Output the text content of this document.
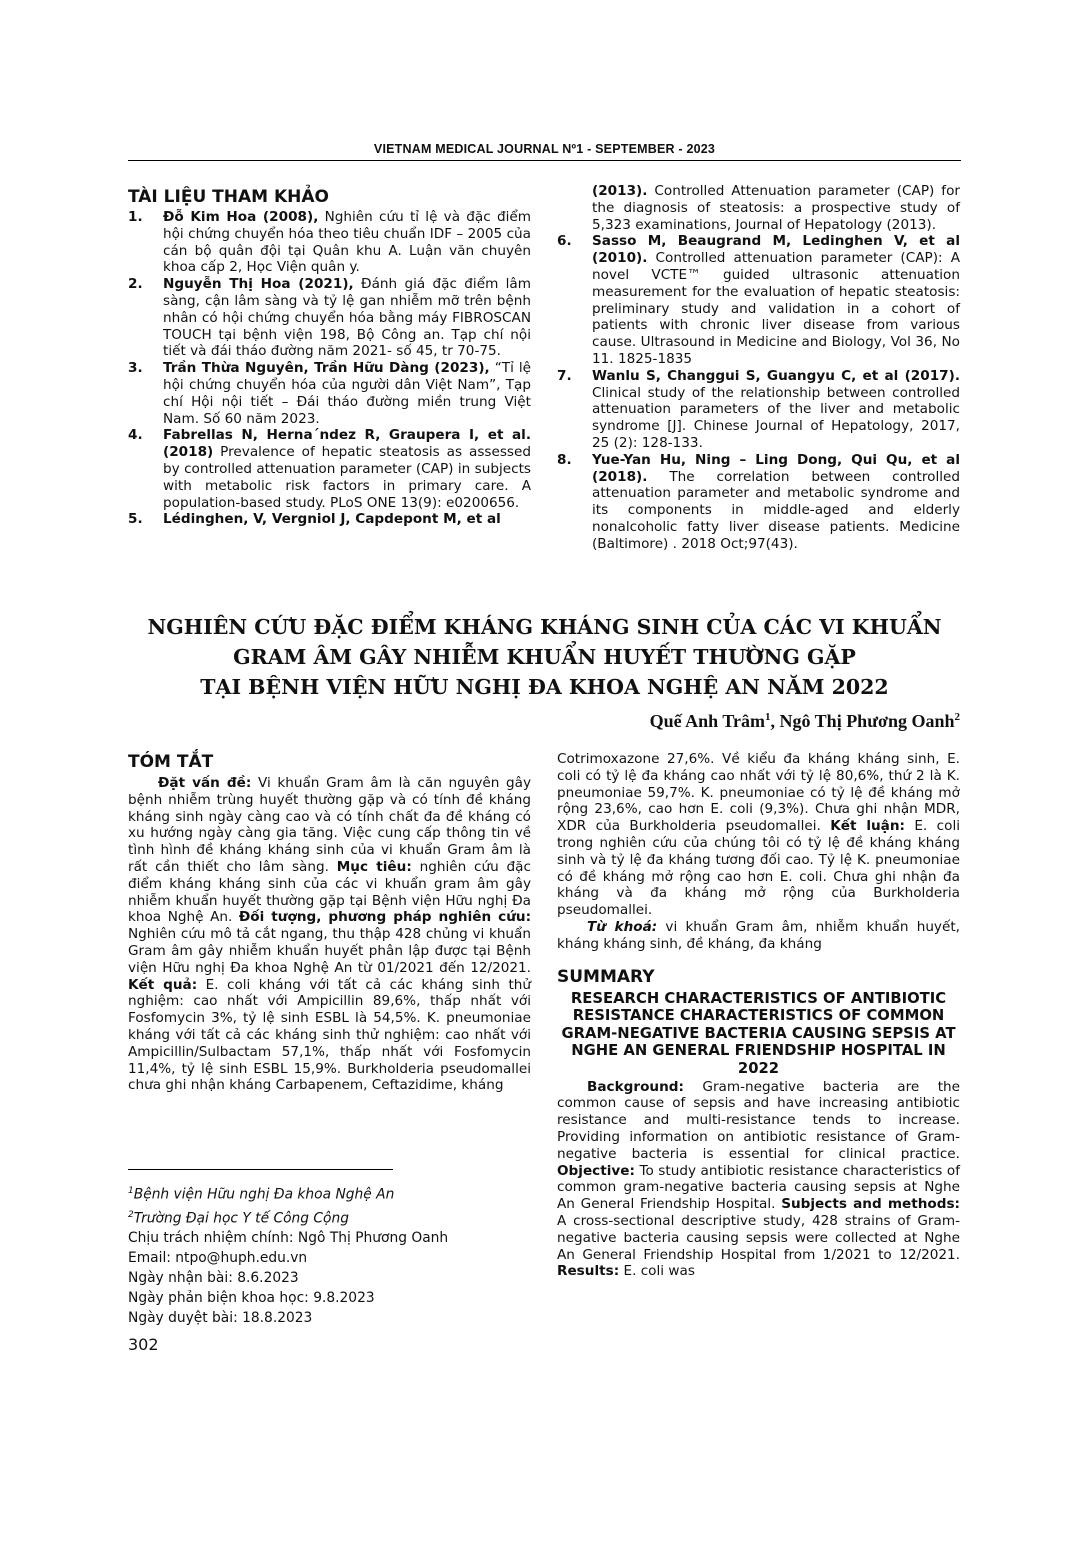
VIETNAM MEDICAL JOURNAL Nº1 - SEPTEMBER - 2023
TÀI LIỆU THAM KHẢO
1. Đỗ Kim Hoa (2008), Nghiên cứu tỉ lệ và đặc điểm hội chứng chuyển hóa theo tiêu chuẩn IDF – 2005 của cán bộ quân đội tại Quân khu A. Luận văn chuyên khoa cấp 2, Học Viện quân y.
2. Nguyễn Thị Hoa (2021), Đánh giá đặc điểm lâm sàng, cận lâm sàng và tỷ lệ gan nhiễm mỡ trên bệnh nhân có hội chứng chuyển hóa bằng máy FIBROSCAN TOUCH tại bệnh viện 198, Bộ Công an. Tạp chí nội tiết và đái tháo đường năm 2021- số 45, tr 70-75.
3. Trần Thừa Nguyên, Trần Hữu Dàng (2023), “Tỉ lệ hội chứng chuyển hóa của người dân Việt Nam”, Tạp chí Hội nội tiết – Đái tháo đường miền trung Việt Nam. Số 60 năm 2023.
4. Fabrellas N, Herna´ndez R, Graupera I, et al. (2018) Prevalence of hepatic steatosis as assessed by controlled attenuation parameter (CAP) in subjects with metabolic risk factors in primary care. A population-based study. PLoS ONE 13(9): e0200656.
5. Lédinghen, V, Vergniol J, Capdepont M, et al
(2013). Controlled Attenuation parameter (CAP) for the diagnosis of steatosis: a prospective study of 5,323 examinations, Journal of Hepatology (2013).
6. Sasso M, Beaugrand M, Ledinghen V, et al (2010). Controlled attenuation parameter (CAP): A novel VCTE™ guided ultrasonic attenuation measurement for the evaluation of hepatic steatosis: preliminary study and validation in a cohort of patients with chronic liver disease from various cause. Ultrasound in Medicine and Biology, Vol 36, No 11. 1825-1835
7. Wanlu S, Changgui S, Guangyu C, et al (2017). Clinical study of the relationship between controlled attenuation parameters of the liver and metabolic syndrome [J]. Chinese Journal of Hepatology, 2017, 25 (2): 128-133.
8. Yue-Yan Hu, Ning – Ling Dong, Qui Qu, et al (2018). The correlation between controlled attenuation parameter and metabolic syndrome and its components in middle-aged and elderly nonalcoholic fatty liver disease patients. Medicine (Baltimore) . 2018 Oct;97(43).
NGHIÊN CỨU ĐẶC ĐIỂM KHÁNG KHÁNG SINH CỦA CÁC VI KHUẨN
GRAM ÂM GÂY NHIỄM KHUẨN HUYẾT THƯỜNG GẶP
TẠI BỆNH VIỆN HỮU NGHỊ ĐA KHOA NGHỆ AN NĂM 2022
Quế Anh Trâm$^1$, Ngô Thị Phương Oanh$^2$
TÓM TẮT
Đặt vấn đề: Vi khuẩn Gram âm là căn nguyên gây bệnh nhiễm trùng huyết thường gặp và có tính đề kháng kháng sinh ngày càng cao và có tính chất đa đề kháng có xu hướng ngày càng gia tăng. Việc cung cấp thông tin về tình hình đề kháng kháng sinh của vi khuẩn Gram âm là rất cần thiết cho lâm sàng. Mục tiêu: nghiên cứu đặc điểm kháng kháng sinh của các vi khuẩn gram âm gây nhiễm khuẩn huyết thường gặp tại Bệnh viện Hữu nghị Đa khoa Nghệ An. Đối tượng, phương pháp nghiên cứu: Nghiên cứu mô tả cắt ngang, thu thập 428 chủng vi khuẩn Gram âm gây nhiễm khuẩn huyết phân lập được tại Bệnh viện Hữu nghị Đa khoa Nghệ An từ 01/2021 đến 12/2021. Kết quả: E. coli kháng với tất cả các kháng sinh thử nghiệm: cao nhất với Ampicillin 89,6%, thấp nhất với Fosfomycin 3%, tỷ lệ sinh ESBL là 54,5%. K. pneumoniae kháng với tất cả các kháng sinh thử nghiệm: cao nhất với Ampicillin/Sulbactam 57,1%, thấp nhất với Fosfomycin 11,4%, tỷ lệ sinh ESBL 15,9%. Burkholderia pseudomallei chưa ghi nhận kháng Carbapenem, Ceftazidime, kháng
Cotrimoxazone 27,6%. Về kiểu đa kháng kháng sinh, E. coli có tỷ lệ đa kháng cao nhất với tỷ lệ 80,6%, thứ 2 là K. pneumoniae 59,7%. K. pneumoniae có tỷ lệ đề kháng mở rộng 23,6%, cao hơn E. coli (9,3%). Chưa ghi nhận MDR, XDR của Burkholderia pseudomallei. Kết luận: E. coli trong nghiên cứu của chúng tôi có tỷ lệ đề kháng kháng sinh và tỷ lệ đa kháng tương đối cao. Tỷ lệ K. pneumoniae có đề kháng mở rộng cao hơn E. coli. Chưa ghi nhận đa kháng và đa kháng mở rộng của Burkholderia pseudomallei.
Từ khoá: vi khuẩn Gram âm, nhiễm khuẩn huyết, kháng kháng sinh, đề kháng, đa kháng
SUMMARY
RESEARCH CHARACTERISTICS OF ANTIBIOTIC RESISTANCE CHARACTERISTICS OF COMMON GRAM-NEGATIVE BACTERIA CAUSING SEPSIS AT NGHE AN GENERAL FRIENDSHIP HOSPITAL IN 2022
Background: Gram-negative bacteria are the common cause of sepsis and have increasing antibiotic resistance and multi-resistance tends to increase. Providing information on antibiotic resistance of Gram-negative bacteria is essential for clinical practice. Objective: To study antibiotic resistance characteristics of common gram-negative bacteria causing sepsis at Nghe An General Friendship Hospital. Subjects and methods: A cross-sectional descriptive study, 428 strains of Gram-negative bacteria causing sepsis were collected at Nghe An General Friendship Hospital from 1/2021 to 12/2021. Results: E. coli was
$^1$Bệnh viện Hữu nghị Đa khoa Nghệ An
$^2$Trường Đại học Y tế Công Cộng
Chịu trách nhiệm chính: Ngô Thị Phương Oanh
Email: ntpo@huph.edu.vn
Ngày nhận bài: 8.6.2023
Ngày phản biện khoa học: 9.8.2023
Ngày duyệt bài: 18.8.2023
302
